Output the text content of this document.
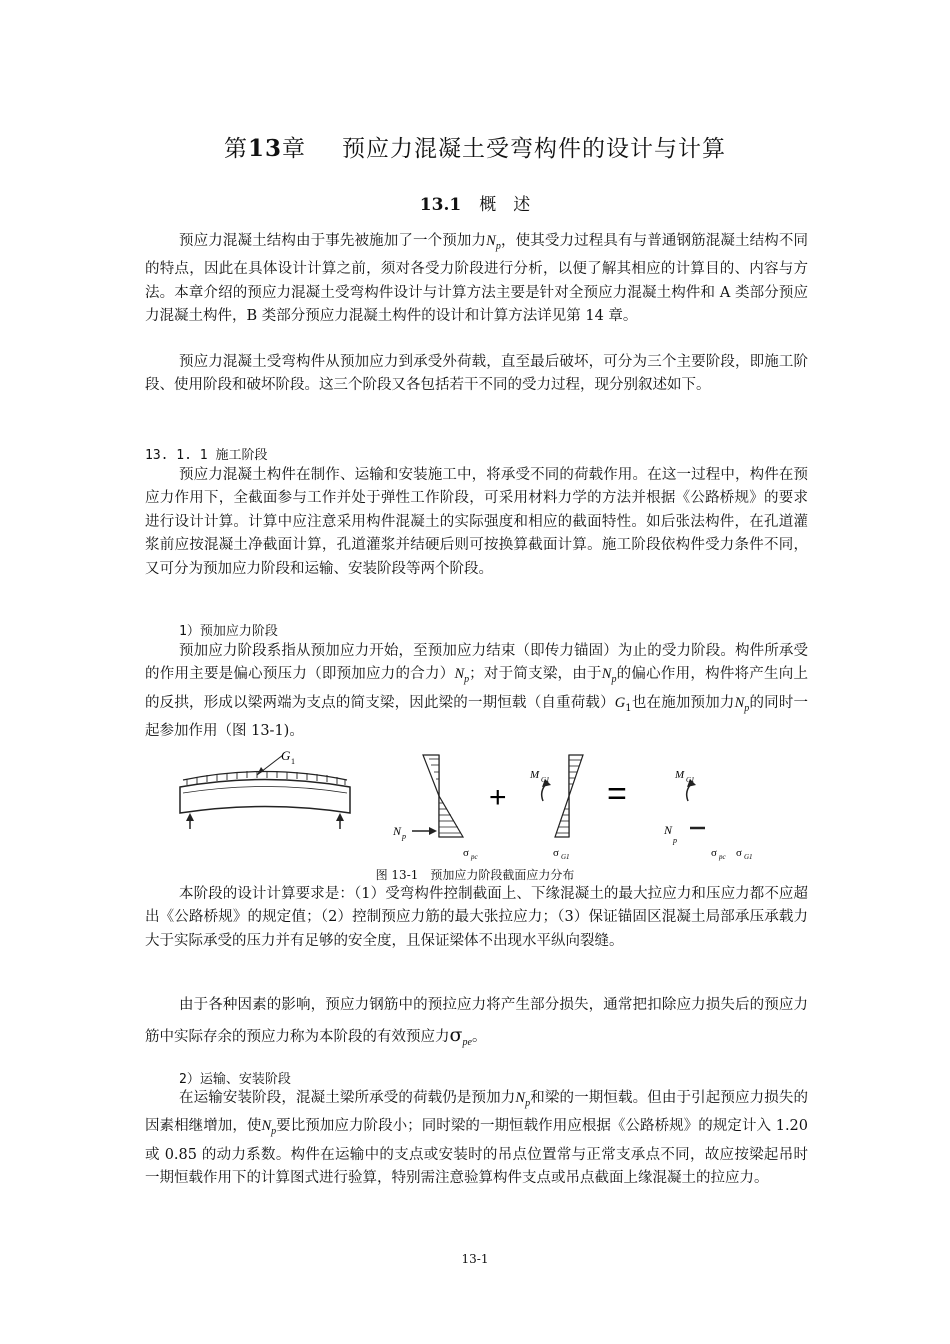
第13章 预应力混凝土受弯构件的设计与计算
13.1 概　述

预应力混凝土结构由于事先被施加了一个预加力$N_p$，使其受力过程具有与普通钢筋混凝土结构不同的特点，因此在具体设计计算之前，须对各受力阶段进行分析，以便了解其相应的计算目的、内容与方法。本章介绍的预应力混凝土受弯构件设计与计算方法主要是针对全预应力混凝土构件和 A 类部分预应力混凝土构件，B 类部分预应力混凝土构件的设计和计算方法详见第 14 章。

预应力混凝土受弯构件从预加应力到承受外荷载，直至最后破坏，可分为三个主要阶段，即施工阶段、使用阶段和破坏阶段。这三个阶段又各包括若干不同的受力过程，现分别叙述如下。

13. 1. 1 施工阶段

预应力混凝土构件在制作、运输和安装施工中，将承受不同的荷载作用。在这一过程中，构件在预应力作用下，全截面参与工作并处于弹性工作阶段，可采用材料力学的方法并根据《公路桥规》的要求进行设计计算。计算中应注意采用构件混凝土的实际强度和相应的截面特性。如后张法构件，在孔道灌浆前应按混凝土净截面计算，孔道灌浆并结硬后则可按换算截面计算。施工阶段依构件受力条件不同，又可分为预加应力阶段和运输、安装阶段等两个阶段。

1）预加应力阶段

预加应力阶段系指从预加应力开始，至预加应力结束（即传力锚固）为止的受力阶段。构件所承受的作用主要是偏心预压力（即预加应力的合力）$N_p$；对于简支梁，由于$N_p$的偏心作用，构件将产生向上的反拱，形成以梁两端为支点的简支梁，因此梁的一期恒载（自重荷载）$G_1$也在施加预加力$N_p$的同时一起参加作用（图 13-1)。

G 1
N p
σ pc
+
M G1
σ G1
=	M G1
N
p
σ pc σ G1
图 13-1　预加应力阶段截面应力分布

本阶段的设计计算要求是：（1）受弯构件控制截面上、下缘混凝土的最大拉应力和压应力都不应超出《公路桥规》的规定值；（2）控制预应力筋的最大张拉应力；（3）保证锚固区混凝土局部承压承载力大于实际承受的压力并有足够的安全度，且保证梁体不出现水平纵向裂缝。

由于各种因素的影响，预应力钢筋中的预拉应力将产生部分损失，通常把扣除应力损失后的预应力筋中实际存余的预应力称为本阶段的有效预应力$\sigma_{pe}$。

2）运输、安装阶段

在运输安装阶段，混凝土梁所承受的荷载仍是预加力$N_p$和梁的一期恒载。但由于引起预应力损失的因素相继增加，使$N_p$要比预加应力阶段小；同时梁的一期恒载作用应根据《公路桥规》的规定计入 1.20 或 0.85 的动力系数。构件在运输中的支点或安装时的吊点位置常与正常支承点不同，故应按梁起吊时一期恒载作用下的计算图式进行验算，特别需注意验算构件支点或吊点截面上缘混凝土的拉应力。

13-1
